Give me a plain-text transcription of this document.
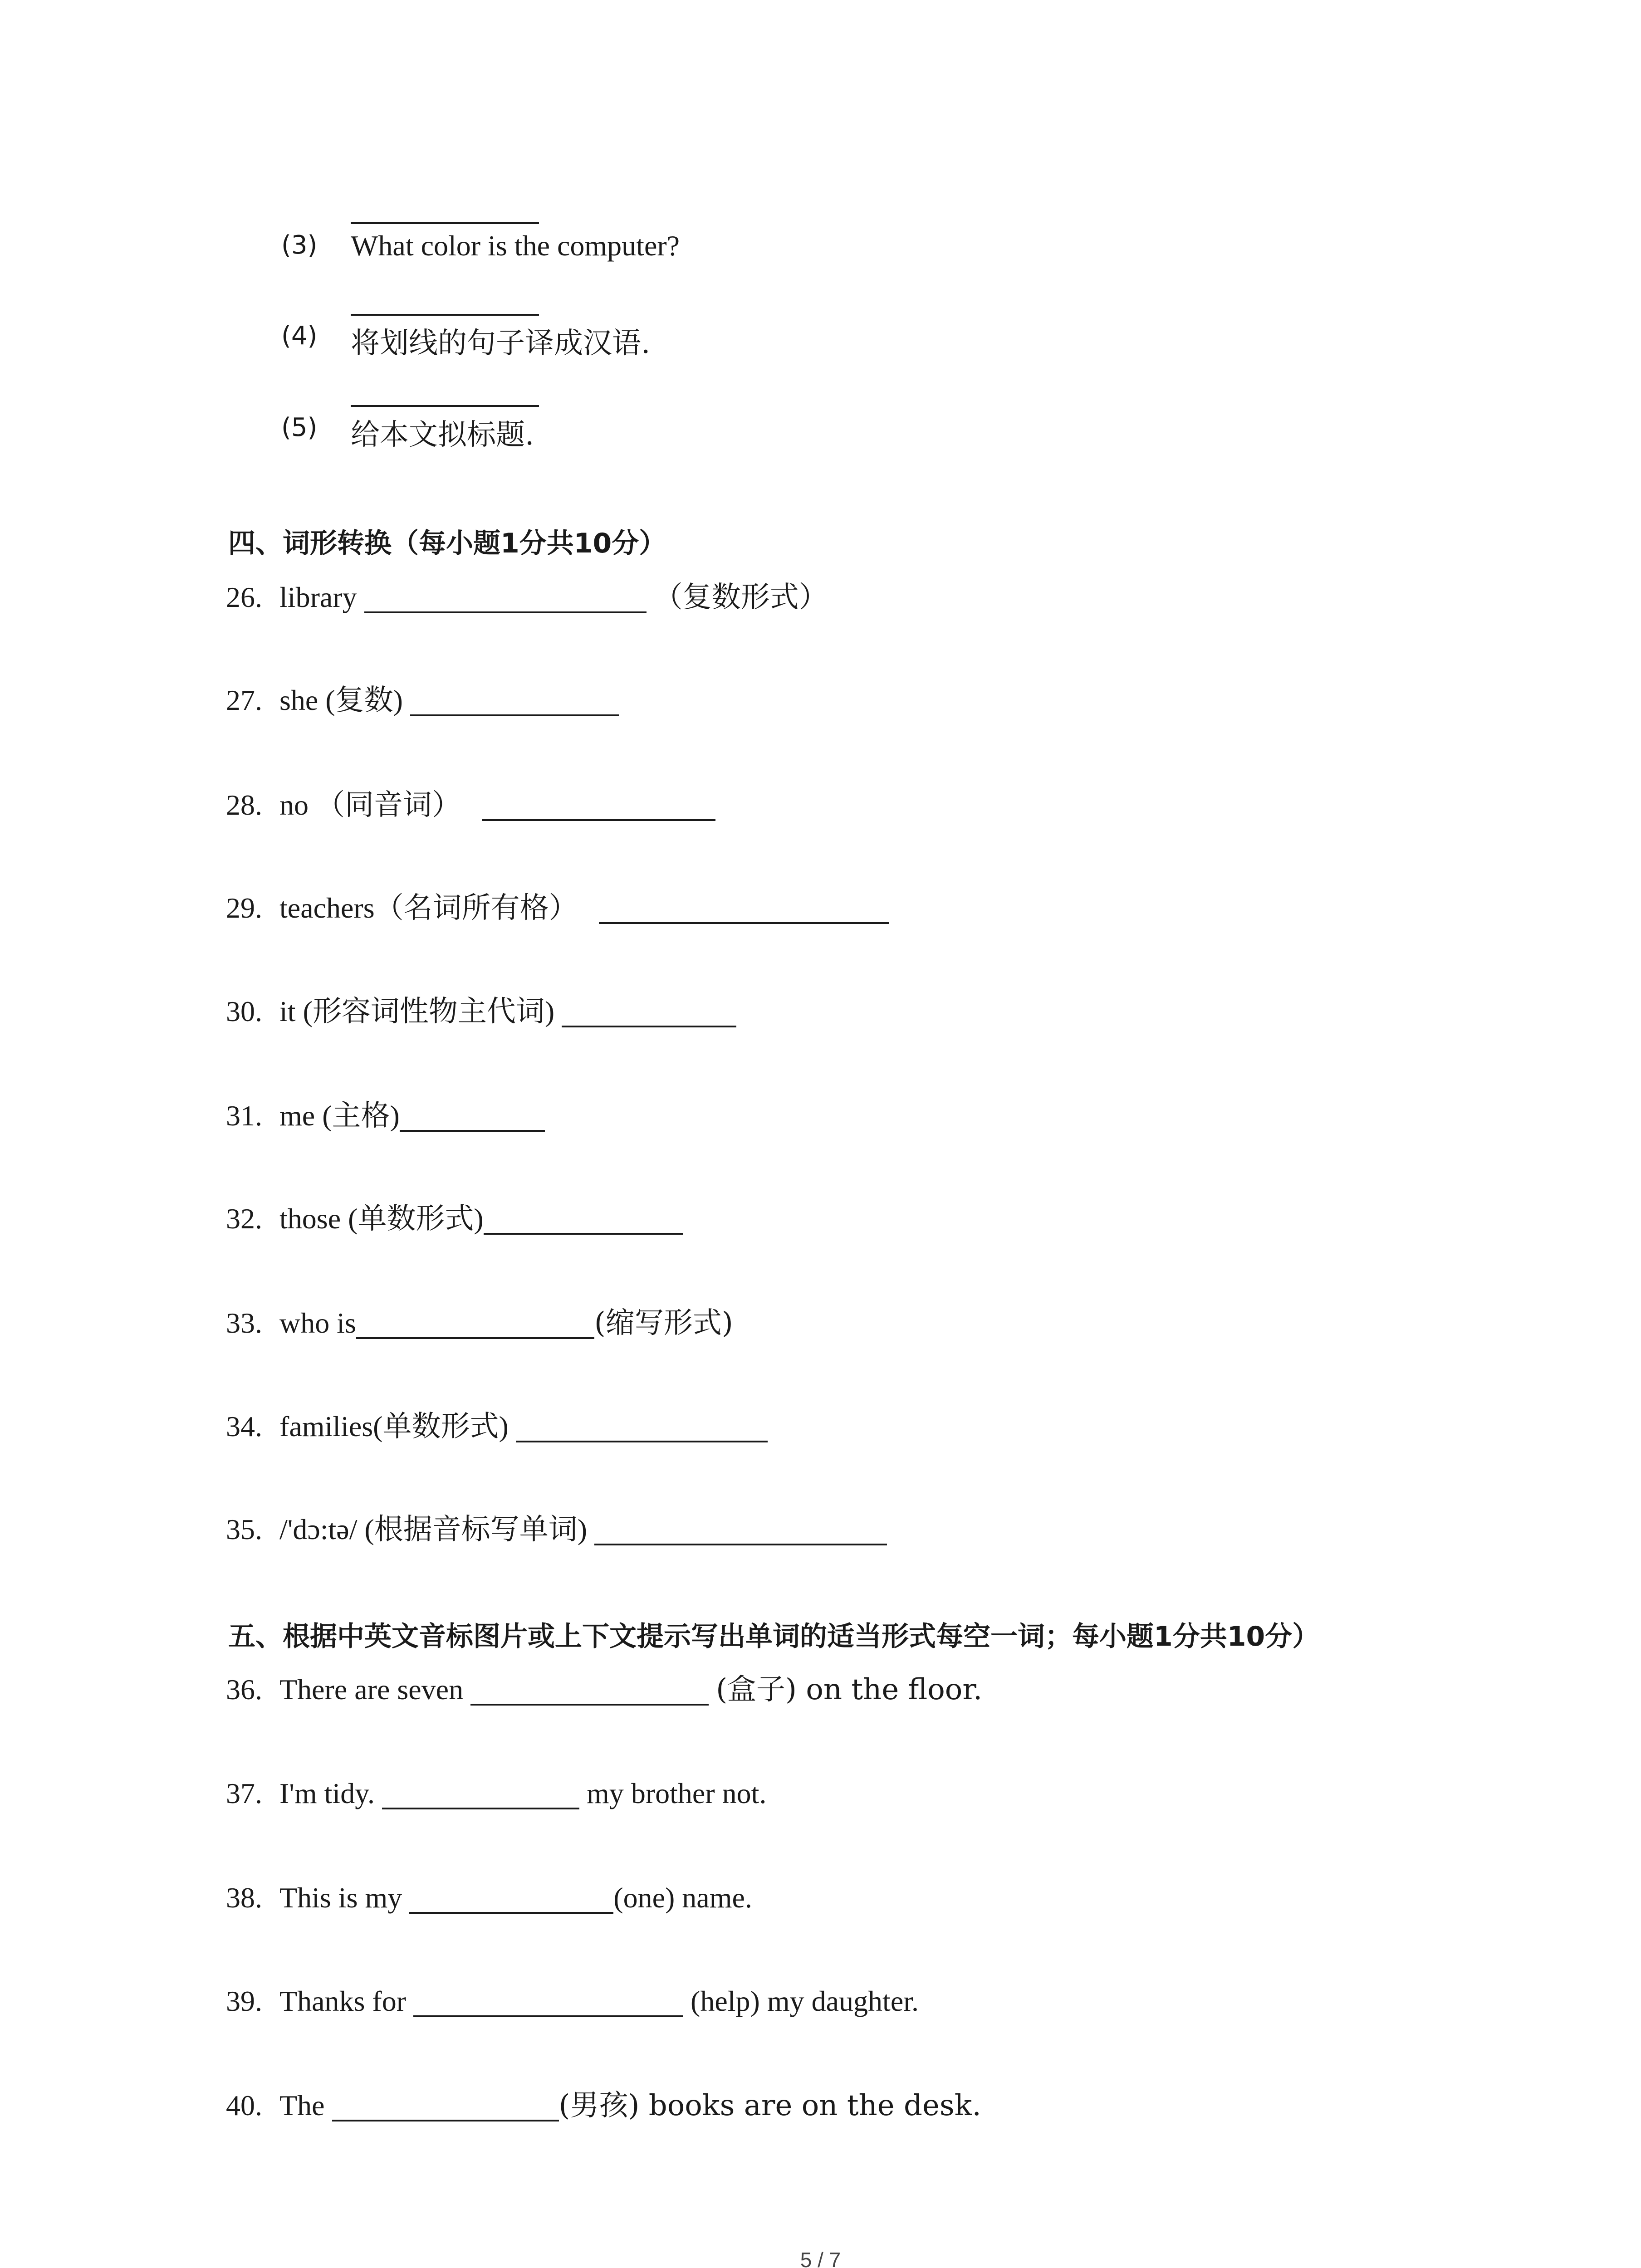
(3) What color is the computer?
(4) 将划线的句子译成汉语.
(5) 给本文拟标题.
四、词形转换（每小题1分共10分）
26. library	（复数形式）
27. she (复数)
28. no （同音词）
29. teachers（名词所有格）
30. it (形容词性物主代词)
31. me (主格)
32. those (单数形式)
33. who is	(缩写形式)
34. families(单数形式)
35. /'dɔ:tə/ (根据音标写单词)
五、根据中英文音标图片或上下文提示写出单词的适当形式每空一词；每小题1分共10分）
36. There are seven	(盒子) on the floor.
37. I'm tidy.	my brother not.
38. This is my	(one) name.
39. Thanks for	(help) my daughter.
40. The	(男孩) books are on the desk.
5 / 7
